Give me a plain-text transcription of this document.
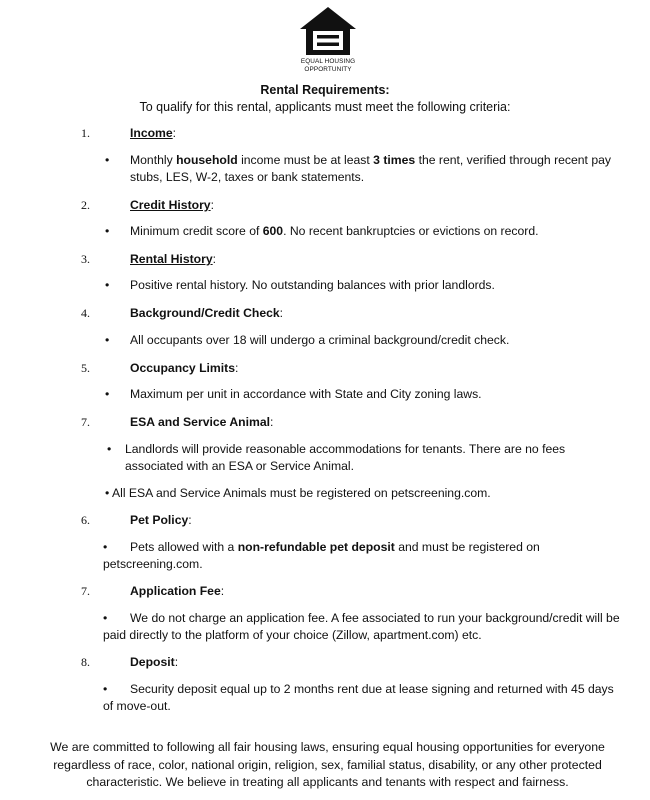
EQUAL HOUSING
OPPORTUNITY
Rental Requirements:
To qualify for this rental, applicants must meet the following criteria:
1.	Income:
•	Monthly household income must be at least 3 times the rent, verified through recent pay stubs, LES, W-2, taxes or bank statements.
2.	Credit History:
•	Minimum credit score of 600. No recent bankruptcies or evictions on record.
3.	Rental History:
•	Positive rental history. No outstanding balances with prior landlords.
4.	Background/Credit Check:
•	All occupants over 18 will undergo a criminal background/credit check.
5.	Occupancy Limits:
•	Maximum per unit in accordance with State and City zoning laws.
7.	ESA and Service Animal:
•	Landlords will provide reasonable accommodations for tenants. There are no fees associated with an ESA or Service Animal.
• All ESA and Service Animals must be registered on petscreening.com.
6.	Pet Policy:
• Pets allowed with a non-refundable pet deposit and must be registered on petscreening.com.
7.	Application Fee:
• We do not charge an application fee. A fee associated to run your background/credit will be paid directly to the platform of your choice (Zillow, apartment.com) etc.
8.	Deposit:
• Security deposit equal up to 2 months rent due at lease signing and returned with 45 days of move-out.
We are committed to following all fair housing laws, ensuring equal housing opportunities for everyone regardless of race, color, national origin, religion, sex, familial status, disability, or any other protected characteristic. We believe in treating all applicants and tenants with respect and fairness.
